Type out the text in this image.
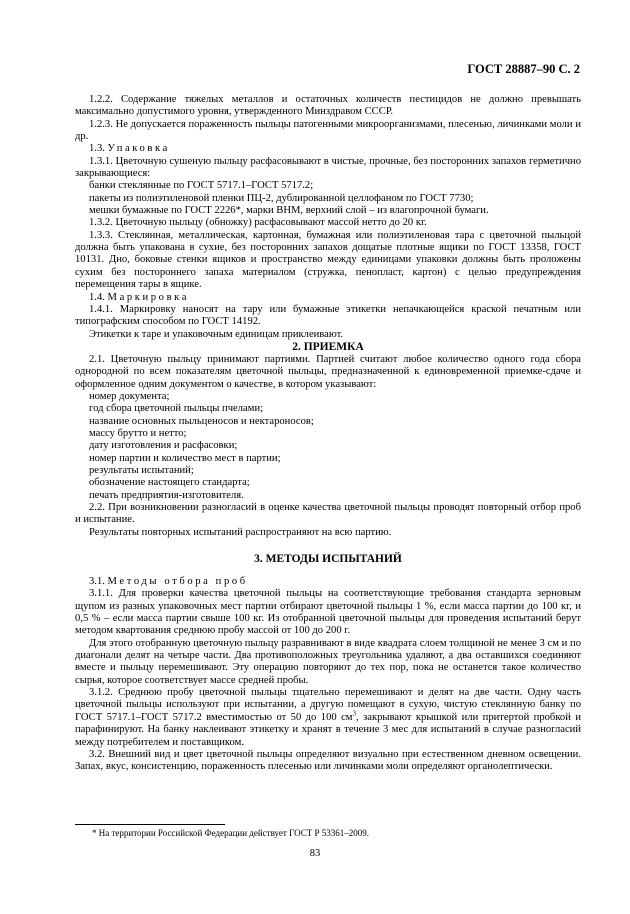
ГОСТ 28887–90 С. 2

1.2.2. Содержание тяжелых металлов и остаточных количеств пестицидов не должно превышать максимально допустимого уровня, утвержденного Минздравом СССР.

1.2.3. Не допускается пораженность пыльцы патогенными микроорганизмами, плесенью, личинками моли и др.

1.3. Упаковка

1.3.1. Цветочную сушеную пыльцу расфасовывают в чистые, прочные, без посторонних запахов герметично закрывающиеся:

банки стеклянные по ГОСТ 5717.1–ГОСТ 5717.2;

пакеты из полиэтиленовой пленки ПЦ-2, дублированной целлофаном по ГОСТ 7730;

мешки бумажные по ГОСТ 2226*, марки ВНМ, верхний слой – из влагопрочной бумаги.

1.3.2. Цветочную пыльцу (обножку) расфасовывают массой нетто до 20 кг.

1.3.3. Стеклянная, металлическая, картонная, бумажная или полиэтиленовая тара с цветочной пыльцой должна быть упакована в сухие, без посторонних запахов дощатые плотные ящики по ГОСТ 13358, ГОСТ 10131. Дно, боковые стенки ящиков и пространство между единицами упаковки должны быть проложены сухим без постороннего запаха материалом (стружка, пенопласт, картон) с целью предупреждения перемещения тары в ящике.

1.4. Маркировка

1.4.1. Маркировку наносят на тару или бумажные этикетки непачкающейся краской печатным или типографским способом по ГОСТ 14192.

Этикетки к таре и упаковочным единицам приклеивают.

2. ПРИЕМКА

2.1. Цветочную пыльцу принимают партиями. Партией считают любое количество одного года сбора однородной по всем показателям цветочной пыльцы, предназначенной к единовременной приемке-сдаче и оформленное одним документом о качестве, в котором указывают:

номер документа;

год сбора цветочной пыльцы пчелами;

название основных пыльценосов и нектароносов;

массу брутто и нетто;

дату изготовления и расфасовки;

номер партии и количество мест в партии;

результаты испытаний;

обозначение настоящего стандарта;

печать предприятия-изготовителя.

2.2. При возникновении разногласий в оценке качества цветочной пыльцы проводят повторный отбор проб и испытание.

Результаты повторных испытаний распространяют на всю партию.

3. МЕТОДЫ ИСПЫТАНИЙ

3.1. Методы отбора проб

3.1.1. Для проверки качества цветочной пыльцы на соответствующие требования стандарта зерновым щупом из разных упаковочных мест партии отбирают цветочной пыльцы 1 %, если масса партии до 100 кг, и 0,5 % – если масса партии свыше 100 кг. Из отобранной цветочной пыльцы для проведения испытаний берут методом квартования среднюю пробу массой от 100 до 200 г.

Для этого отобранную цветочную пыльцу разравнивают в виде квадрата слоем толщиной не менее 3 см и по диагонали делят на четыре части. Два противоположных треугольника удаляют, а два оставшихся соединяют вместе и пыльцу перемешивают. Эту операцию повторяют до тех пор, пока не останется такое количество сырья, которое соответствует массе средней пробы.

3.1.2. Среднюю пробу цветочной пыльцы тщательно перемешивают и делят на две части. Одну часть цветочной пыльцы используют при испытании, а другую помещают в сухую, чистую стеклянную банку по ГОСТ 5717.1–ГОСТ 5717.2 вместимостью от 50 до 100 $см^3$, закрывают крышкой или притертой пробкой и парафинируют. На банку наклеивают этикетку и хранят в течение 3 мес для испытаний в случае разногласий между потребителем и поставщиком.

3.2. Внешний вид и цвет цветочной пыльцы определяют визуально при естественном дневном освещении. Запах, вкус, консистенцию, пораженность плесенью или личинками моли определяют органолептически.

* На территории Российской Федерации действует ГОСТ Р 53361–2009.
83
